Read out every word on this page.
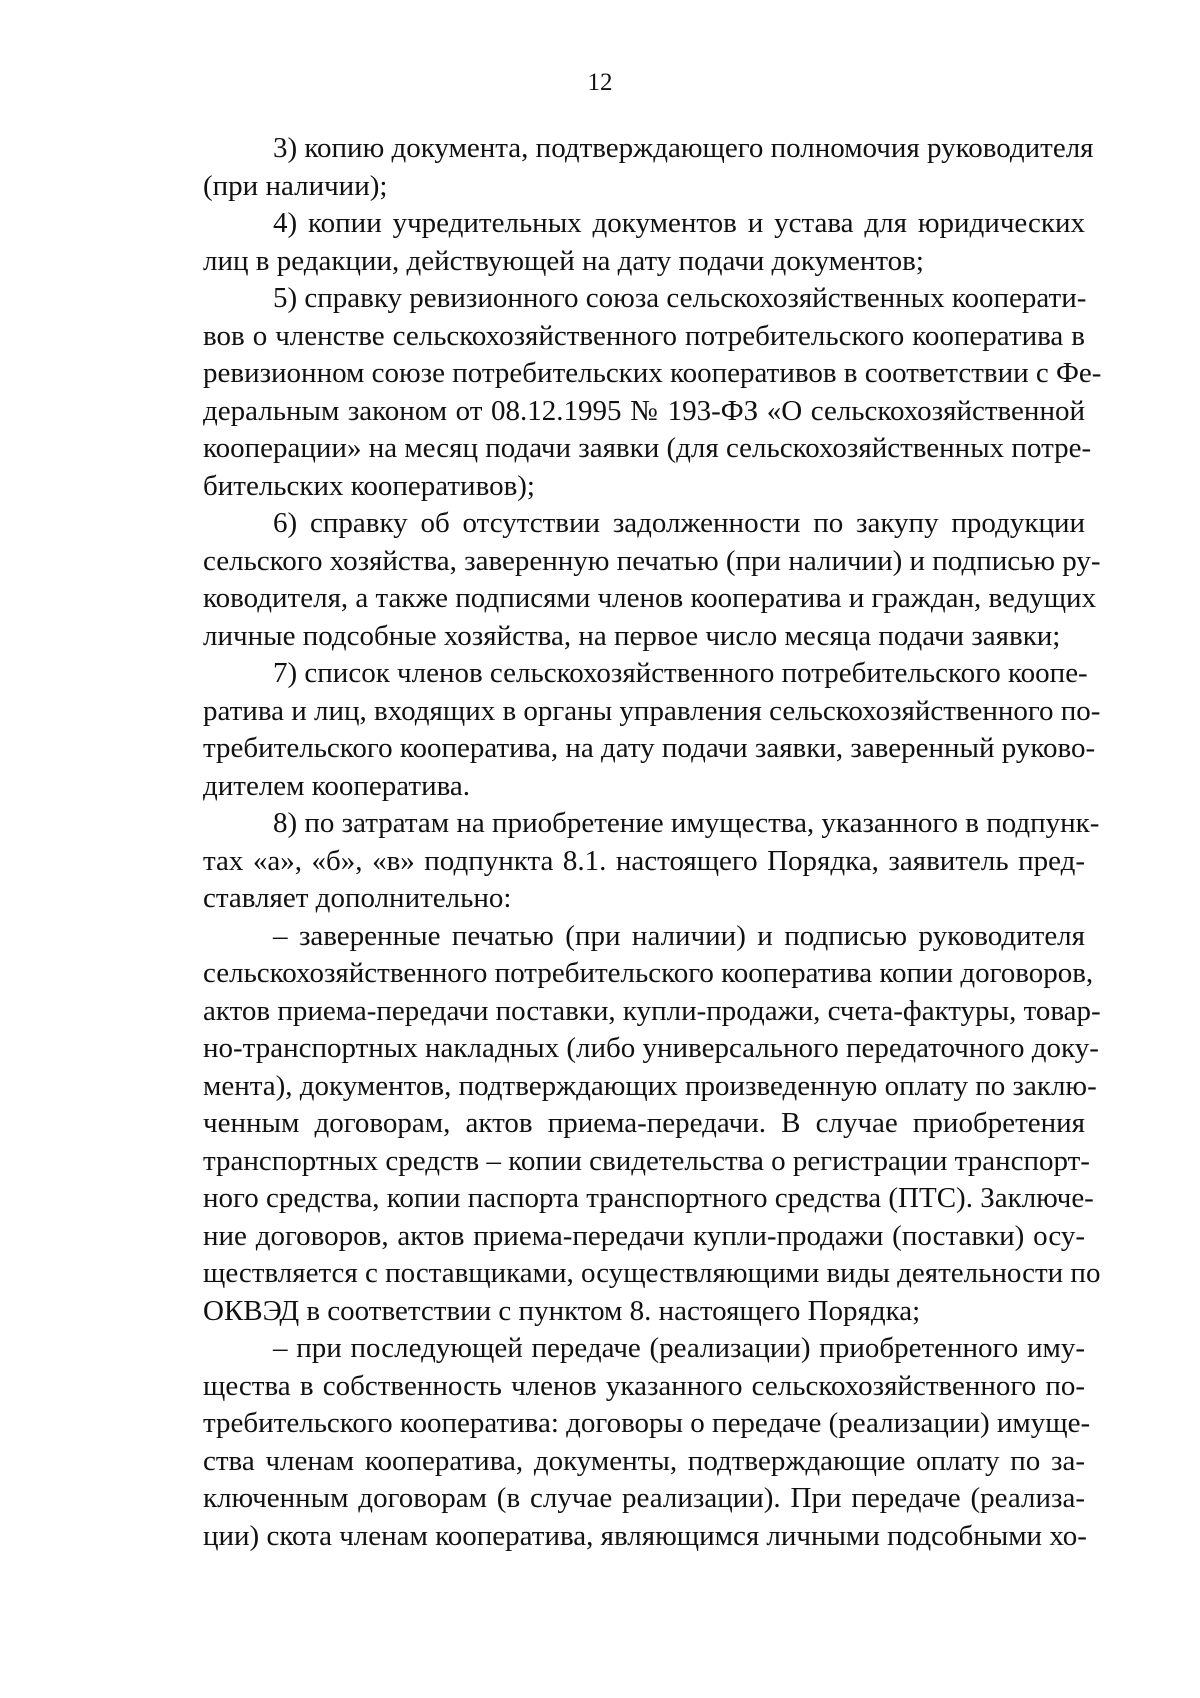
12
3) копию документа, подтверждающего полномочия руководителя
(при наличии);
4) копии учредительных документов и устава для юридических
лиц в редакции, действующей на дату подачи документов;
5) справку ревизионного союза сельскохозяйственных кооперати-
вов о членстве сельскохозяйственного потребительского кооператива в
ревизионном союзе потребительских кооперативов в соответствии с Фе-
деральным законом от 08.12.1995 № 193-ФЗ «О сельскохозяйственной
кооперации» на месяц подачи заявки (для сельскохозяйственных потре-
бительских кооперативов);
6) справку об отсутствии задолженности по закупу продукции
сельского хозяйства, заверенную печатью (при наличии) и подписью ру-
ководителя, а также подписями членов кооператива и граждан, ведущих
личные подсобные хозяйства, на первое число месяца подачи заявки;
7) список членов сельскохозяйственного потребительского коопе-
ратива и лиц, входящих в органы управления сельскохозяйственного по-
требительского кооператива, на дату подачи заявки, заверенный руково-
дителем кооператива.
8) по затратам на приобретение имущества, указанного в подпунк-
тах «а», «б», «в» подпункта 8.1. настоящего Порядка, заявитель пред-
ставляет дополнительно:
– заверенные печатью (при наличии) и подписью руководителя
сельскохозяйственного потребительского кооператива копии договоров,
актов приема-передачи поставки, купли-продажи, счета-фактуры, товар-
но-транспортных накладных (либо универсального передаточного доку-
мента), документов, подтверждающих произведенную оплату по заклю-
ченным договорам, актов приема-передачи. В случае приобретения
транспортных средств – копии свидетельства о регистрации транспорт-
ного средства, копии паспорта транспортного средства (ПТС). Заключе-
ние договоров, актов приема-передачи купли-продажи (поставки) осу-
ществляется с поставщиками, осуществляющими виды деятельности по
ОКВЭД в соответствии с пунктом 8. настоящего Порядка;
– при последующей передаче (реализации) приобретенного иму-
щества в собственность членов указанного сельскохозяйственного по-
требительского кооператива: договоры о передаче (реализации) имуще-
ства членам кооператива, документы, подтверждающие оплату по за-
ключенным договорам (в случае реализации). При передаче (реализа-
ции) скота членам кооператива, являющимся личными подсобными хо-
